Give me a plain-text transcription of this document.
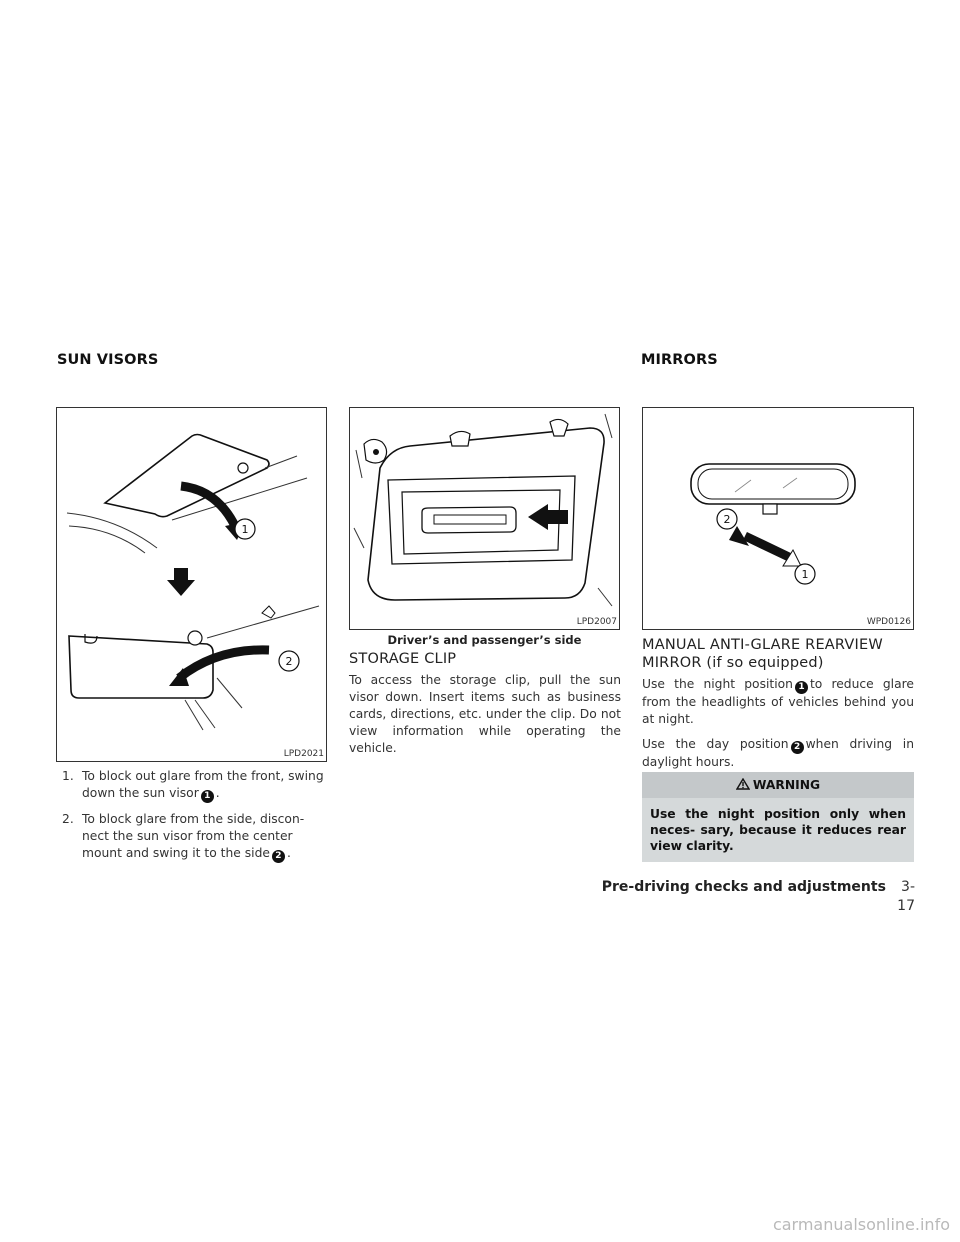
SUN VISORS	MIRRORS
1
2
LPD2021

1. To block out glare from the front, swing down the sun visor 1 .

2. To block glare from the side, discon- nect the sun visor from the center mount and swing it to the side 2 .

LPD2007
Driver’s and passenger’s side
STORAGE CLIP

To access the storage clip, pull the sun visor down. Insert items such as business cards, directions, etc. under the clip. Do not view information while operating the vehicle.

2
1
WPD0126
MANUAL ANTI-GLARE REARVIEW
MIRROR (if so equipped)

Use the night position 1 to reduce glare from the headlights of vehicles behind you at night.

Use the day position 2 when driving in daylight hours.

WARNING
Use the night position only when neces- sary, because it reduces rear view clarity.
Pre-driving checks and adjustments 3-17
carmanualsonline.info
